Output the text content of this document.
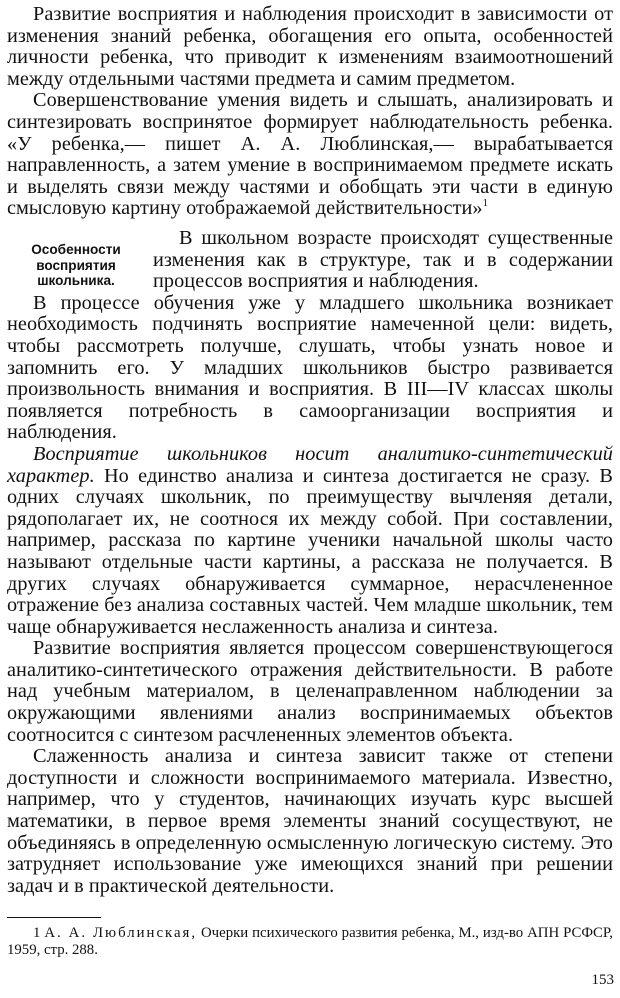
Развитие восприятия и наблюдения происходит в зависимости от изменения знаний ребенка, обогащения его опыта, особенностей личности ребенка, что приводит к изменениям взаимоотношений между отдельными частями предмета и самим предметом.

Совершенствование умения видеть и слышать, анализировать и синтезировать воспринятое формирует наблюдательность ребенка. «У ребенка,— пишет А. А. Люблинская,— вырабатывается направленность, а затем умение в воспринимаемом предмете искать и выделять связи между частями и обобщать эти части в единую смысловую картину отображаемой действительности»$^1$

Особенности восприятия школьника.

В школьном возрасте происходят существенные изменения как в структуре, так и в содержании процессов восприятия и наблюдения.

В процессе обучения уже у младшего школьника возникает необходимость подчинять восприятие намеченной цели: видеть, чтобы рассмотреть получше, слушать, чтобы узнать новое и запомнить его. У младших школьников быстро развивается произвольность внимания и восприятия. В III—IV классах школы появляется потребность в самоорганизации восприятия и наблюдения.

Восприятие школьников носит аналитико-синтетический характер. Но единство анализа и синтеза достигается не сразу. В одних случаях школьник, по преимуществу вычленяя детали, рядополагает их, не соотнося их между собой. При составлении, например, рассказа по картине ученики начальной школы часто называют отдельные части картины, а рассказа не получается. В других случаях обнаруживается суммарное, нерасчлененное отражение без анализа составных частей. Чем младше школьник, тем чаще обнаруживается неслаженность анализа и синтеза.

Развитие восприятия является процессом совершенствующегося аналитико-синтетического отражения действительности. В работе над учебным материалом, в целенаправленном наблюдении за окружающими явлениями анализ воспринимаемых объектов соотносится с синтезом расчлененных элементов объекта.

Слаженность анализа и синтеза зависит также от степени доступности и сложности воспринимаемого материала. Известно, например, что у студентов, начинающих изучать курс высшей математики, в первое время элементы знаний сосуществуют, не объединяясь в определенную осмысленную логическую систему. Это затрудняет использование уже имеющихся знаний при решении задач и в практической деятельности.

1 А. А. Люблинская, Очерки психического развития ребенка, М., изд-во АПН РСФСР, 1959, стр. 288.

153
